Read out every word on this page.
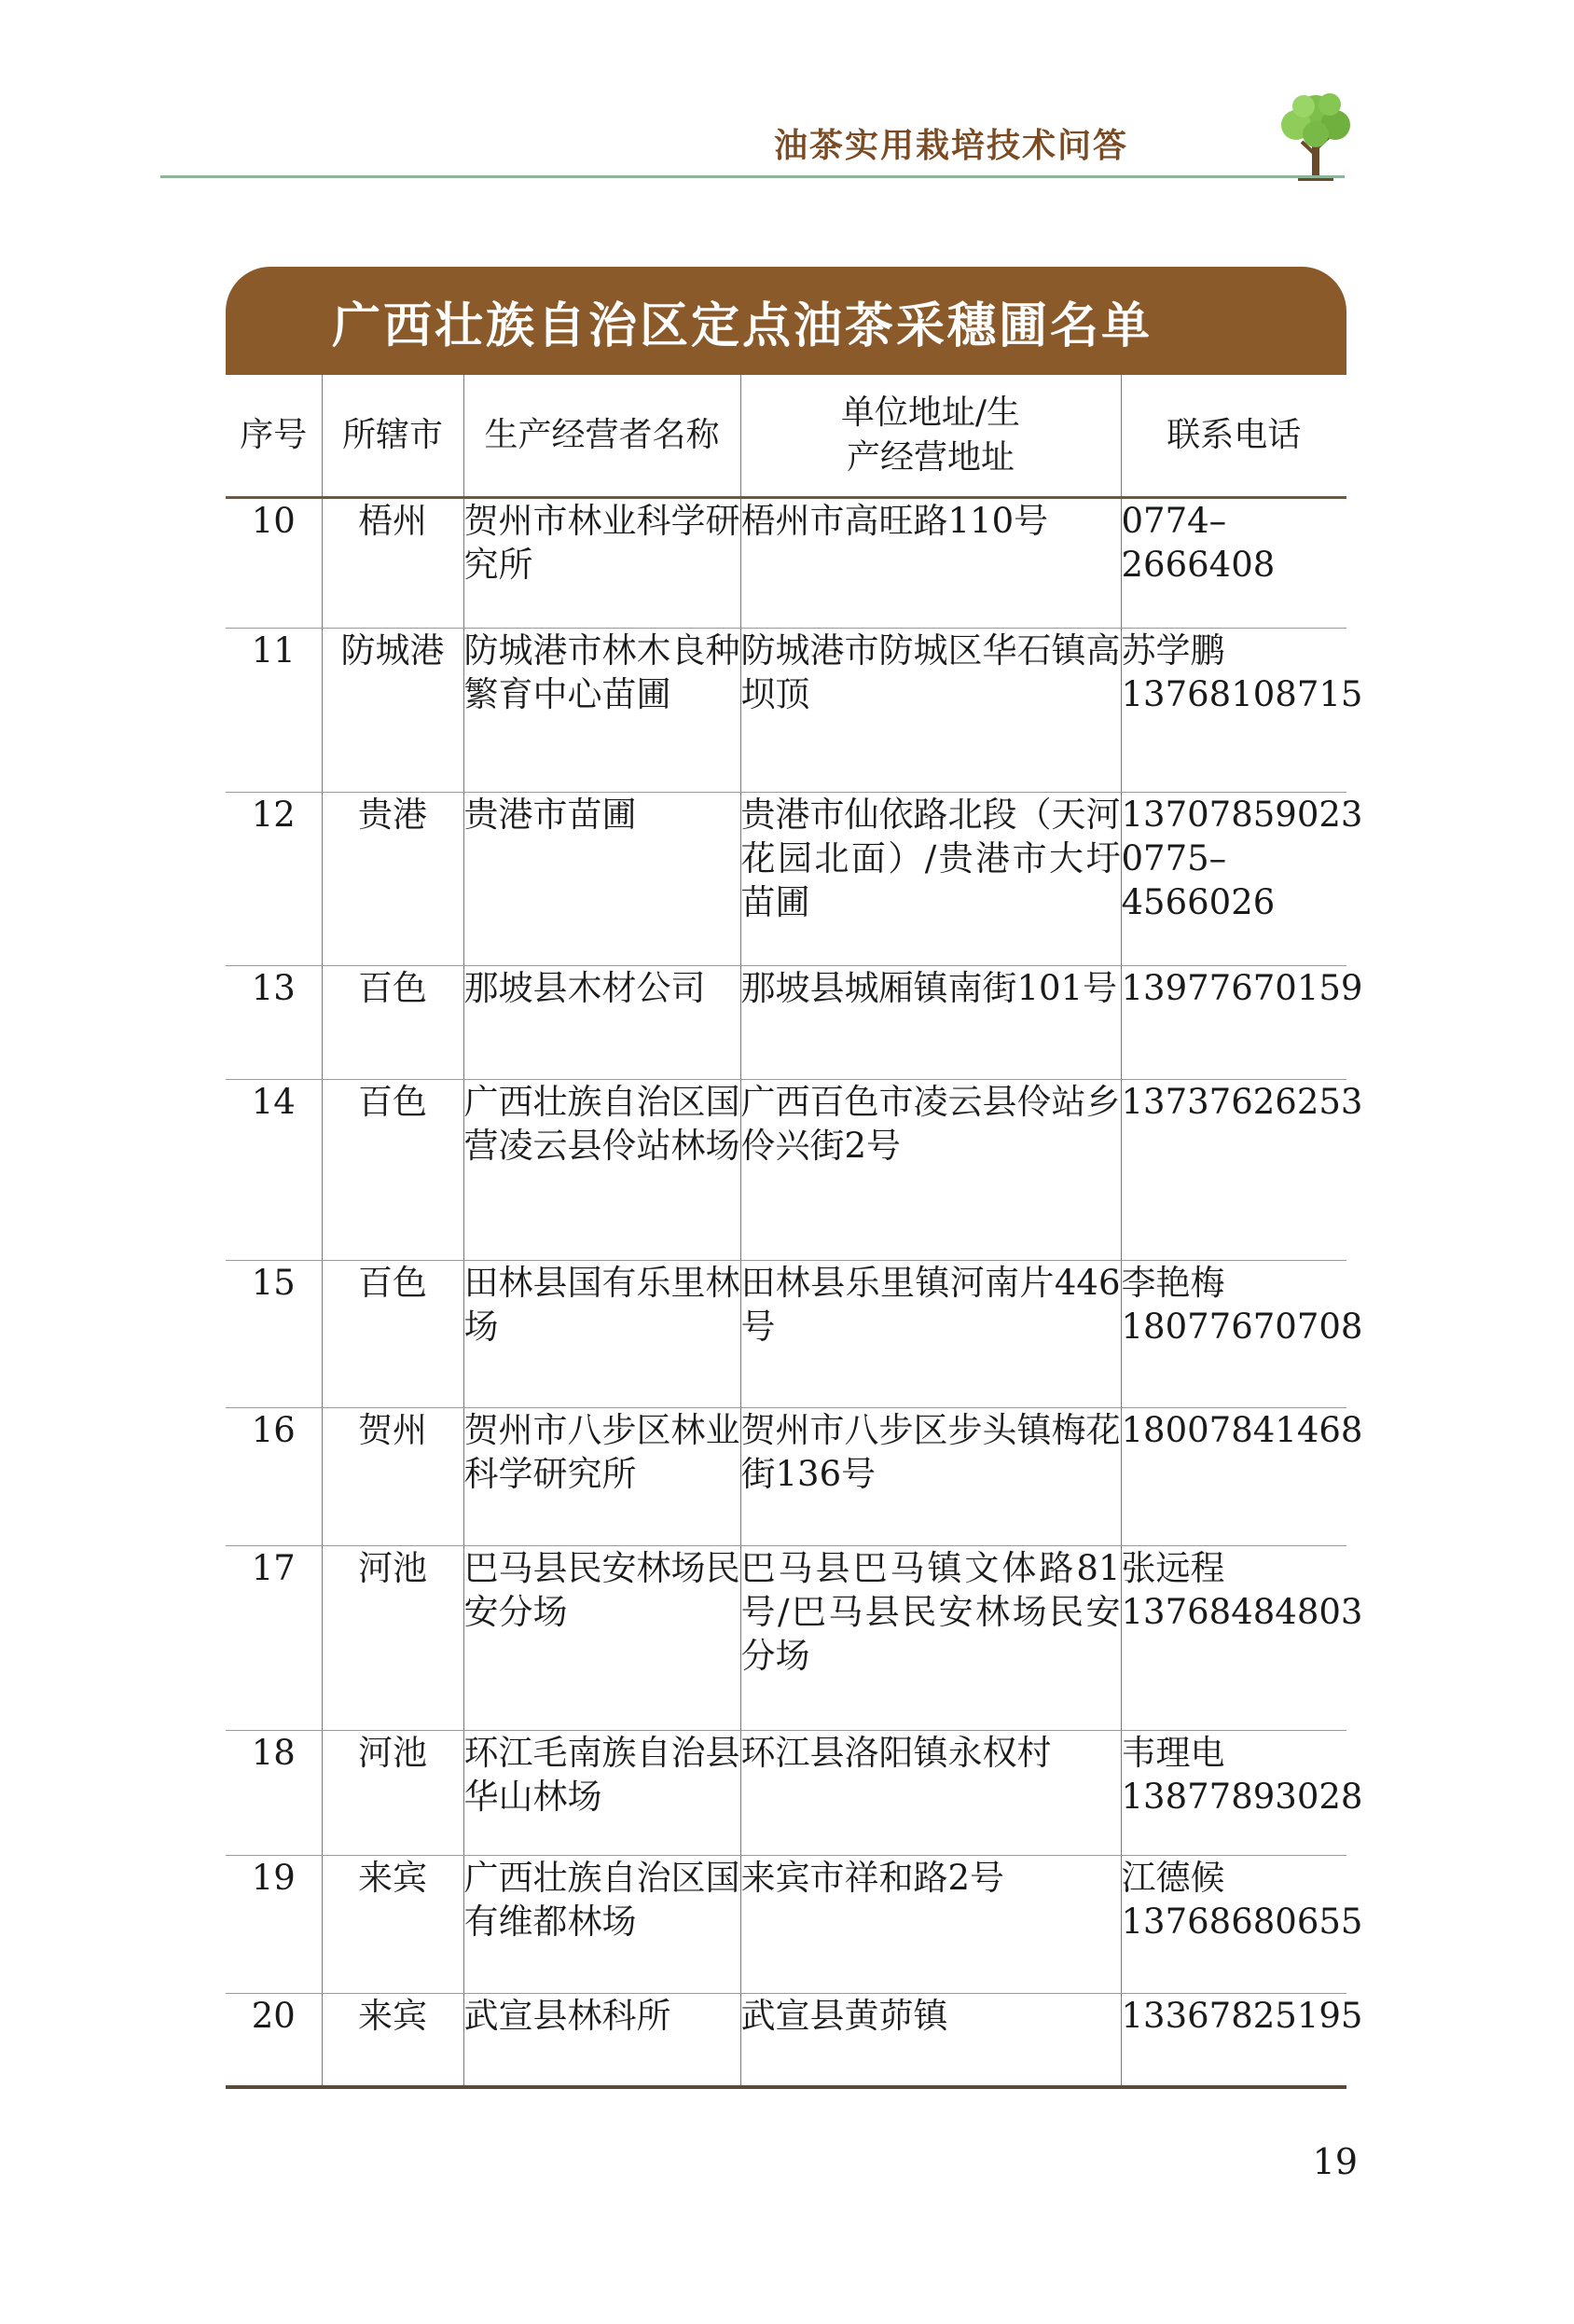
油茶实用栽培技术问答
广西壮族自治区定点油茶采穗圃名单
序号	所辖市	生产经营者名称	单位地址/生
产经营地址	联系电话
10	梧州	贺州市林业科学研究所	梧州市高旺路110号	0774–2666408
11	防城港	防城港市林木良种繁育中心苗圃	防城港市防城区华石镇高坝顶	苏学鹏
13768108715
12	贵港	贵港市苗圃	贵港市仙依路北段（天河花园北面）/贵港市大圩苗圃	13707859023
0775–4566026
13	百色	那坡县木材公司	那坡县城厢镇南街101号	13977670159
14	百色	广西壮族自治区国营凌云县伶站林场	广西百色市凌云县伶站乡伶兴街2号	13737626253
15	百色	田林县国有乐里林场	田林县乐里镇河南片446号	李艳梅
18077670708
16	贺州	贺州市八步区林业科学研究所	贺州市八步区步头镇梅花街136号	18007841468
17	河池	巴马县民安林场民安分场	巴马县巴马镇文体路81号/巴马县民安林场民安分场	张远程
13768484803
18	河池	环江毛南族自治县华山林场	环江县洛阳镇永权村	韦理电
13877893028
19	来宾	广西壮族自治区国有维都林场	来宾市祥和路2号	江德候
13768680655
20	来宾	武宣县林科所	武宣县黄茆镇	13367825195
19
